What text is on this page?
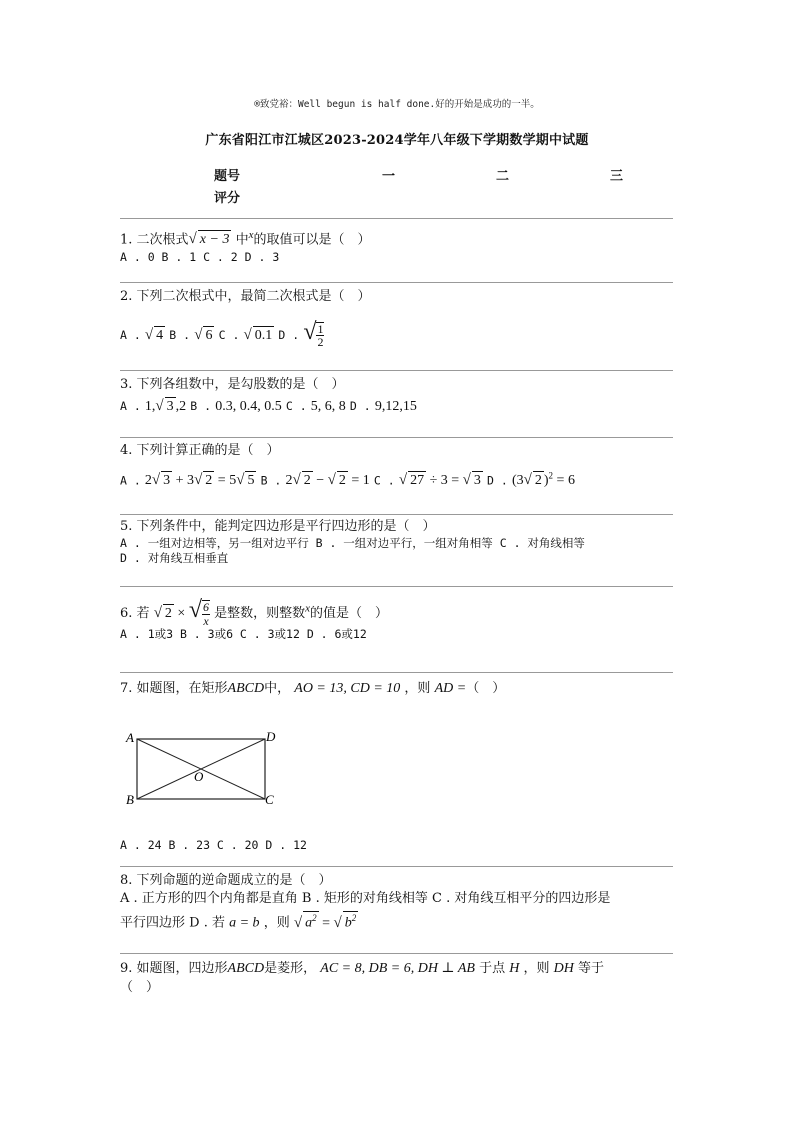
®致党裕：Well begun is half done.好的开始是成功的一半。
广东省阳江市江城区2023-2024学年八年级下学期数学期中试题
题号	一	二	三
评分
1. 二次根式√ x − 3 中$^x$的取值可以是（　）
A . 0 B . 1 C . 2 D . 3
2. 下列二次根式中，最简二次根式是（　）
A . √ 4 B . √ 6 C . √ 0.1 D . √ $\frac{1}{2}$
3. 下列各组数中，是勾股数的是（　）
A . 1,√ 3 ,2 B . 0.3, 0.4, 0.5 C . 5, 6, 8 D . 9,12,15
4. 下列计算正确的是（　）
A . 2√ 3 + 3√ 2 = 5√ 5 B . 2√ 2 − √ 2 = 1 C . √ 27 ÷ 3 = √ 3 D . (3√ 2 )$^2$ = 6
5. 下列条件中，能判定四边形是平行四边形的是（　）
A . 一组对边相等，另一组对边平行 B . 一组对边平行，一组对角相等 C . 对角线相等
D . 对角线互相垂直
6. 若 √ 2 × √ $\frac{6}{x}$ 是整数，则整数$^x$的值是（　）
A . 1或3 B . 3或6 C . 3或12 D . 6或12
7. 如题图，在矩形ABCD中， AO = 13, CD = 10 ，则 AD =（　）
A	D
B	C
O
A . 24 B . 23 C . 20 D . 12
8. 下列命题的逆命题成立的是（　）
A . 正方形的四个内角都是直角 B . 矩形的对角线相等 C . 对角线互相平分的四边形是
平行四边形 D . 若 a = b ，则 √ $a^2$ = √ $b^2$
9. 如题图，四边形ABCD是菱形， AC = 8, DB = 6, DH ⊥ AB 于点 H ，则 DH 等于
（　）
